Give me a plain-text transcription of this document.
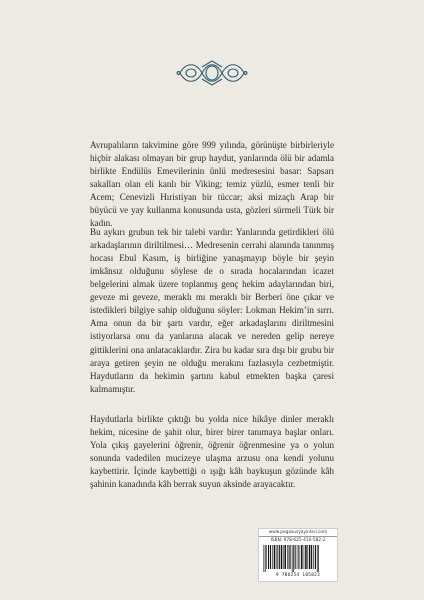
Avrupalıların takvimine göre 999 yılında, görünüşte birbirleriyle hiçbir alakası olmayan bir grup haydut, yanlarında ölü bir adamla birlikte Endülüs Emevilerinin ünlü medresesini basar: Sapsarı sakalları olan eli kanlı bir Viking; temiz yüzlü, esmer tenli bir Acem; Cenevizli Hıristiyan bir tüccar; aksi mizaçlı Arap bir büyücü ve yay kullanma konusunda usta, gözleri sürmeli Türk bir kadın.

Bu aykırı grubun tek bir talebi vardır: Yanlarında getirdikleri ölü arkadaşlarının diriltilmesi… Medresenin cerrahi alanında tanınmış hocası Ebul Kasım, iş birliğine yanaşmayıp böyle bir şeyin imkânsız olduğunu söylese de o sırada hocalarından icazet belgelerini almak üzere toplanmış genç hekim adaylarından biri, geveze mi geveze, meraklı mı meraklı bir Berberi öne çıkar ve istedikleri bilgiye sahip olduğunu söyler: Lokman Hekim’in sırrı. Ama onun da bir şartı vardır, eğer arkadaşlarını diriltmesini istiyorlarsa onu da yanlarına alacak ve nereden gelip nereye gittiklerini ona anlatacaklardır. Zira bu kadar sıra dışı bir grubu bir araya getiren şeyin ne olduğu merakını fazlasıyla cezbetmiştir. Haydutların da hekimin şartını kabul etmekten başka çaresi kalmamıştır.

Haydutlarla birlikte çıktığı bu yolda nice hikâye dinler meraklı hekim, nicesine de şahit olur, birer birer tanımaya başlar onları. Yola çıkış gayelerini öğrenir, öğrenir öğrenmesine ya o yolun sonunda vadedilen mucizeye ulaşma arzusu ona kendi yolunu kaybettirir. İçinde kaybettiği o ışığı kâh baykuşun gözünde kâh şahinin kanadında kâh berrak suyun aksinde arayacaktır.

www.pegasusyayinlari.com
ISBN: 978-625-410-582-2
9 786254 105823
